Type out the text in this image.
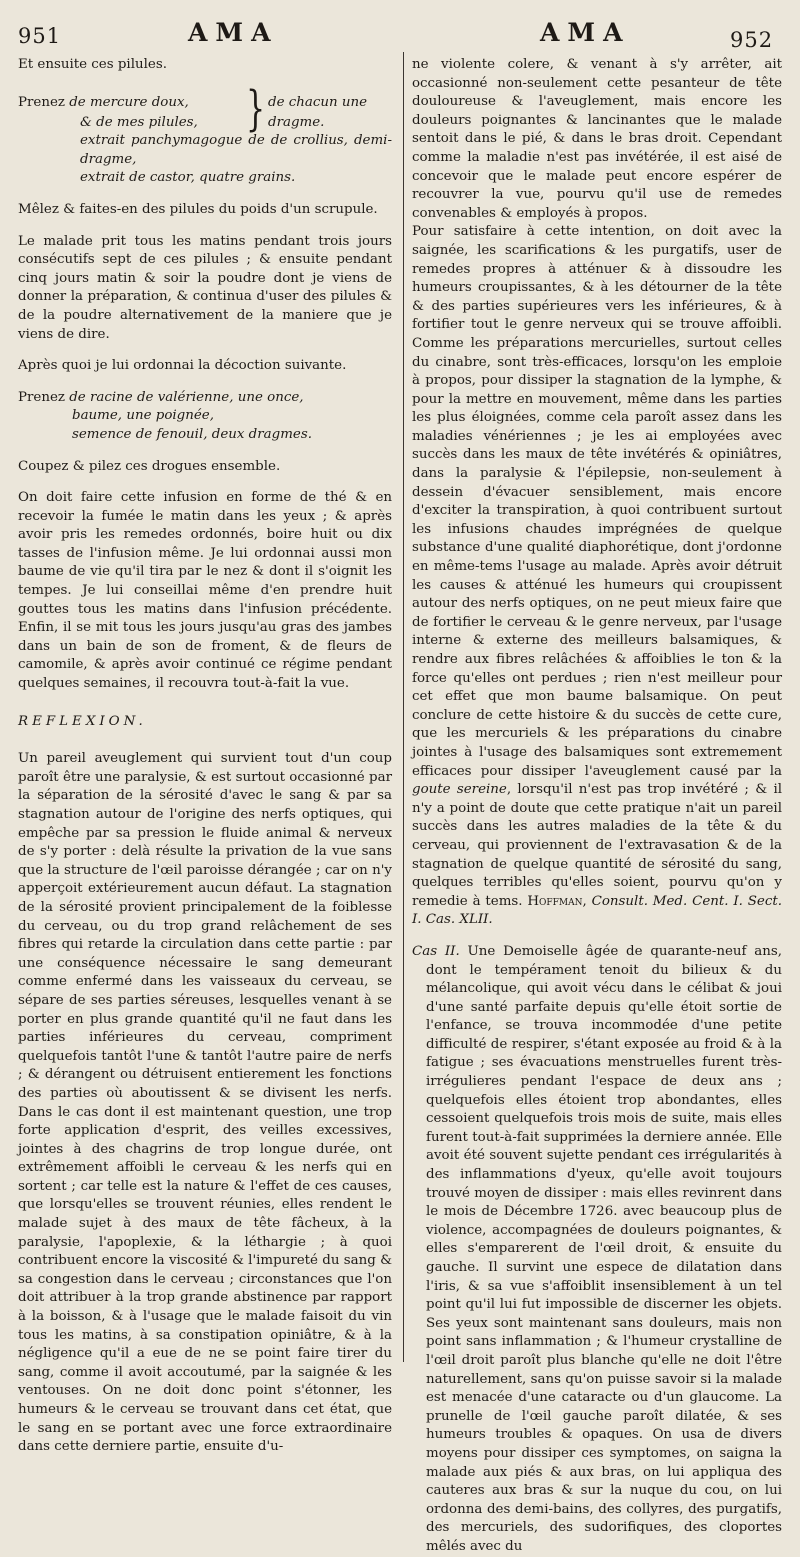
951	AMA	AMA	952

Et ensuite ces pilules.

Prenez de mercure doux,	} de chacun une
& de mes pilules,	dragme.

extrait panchymagogue de de crollius, demi-dragme,

extrait de castor, quatre grains.

Mêlez & faites-en des pilules du poids d'un scrupule.

Le malade prit tous les matins pendant trois jours consécutifs sept de ces pilules ; & ensuite pendant cinq jours matin & soir la poudre dont je viens de donner la préparation, & continua d'user des pilules & de la poudre alternativement de la maniere que je viens de dire.

Après quoi je lui ordonnai la décoction suivante.

Prenez de racine de valérienne, une once,

baume, une poignée,

semence de fenouil, deux dragmes.

Coupez & pilez ces drogues ensemble.

On doit faire cette infusion en forme de thé & en recevoir la fumée le matin dans les yeux ; & après avoir pris les remedes ordonnés, boire huit ou dix tasses de l'infusion même. Je lui ordonnai aussi mon baume de vie qu'il tira par le nez & dont il s'oignit les tempes. Je lui conseillai même d'en prendre huit gouttes tous les matins dans l'infusion précédente. Enfin, il se mit tous les jours jusqu'au gras des jambes dans un bain de son de froment, & de fleurs de camomile, & après avoir continué ce régime pendant quelques semaines, il recouvra tout-à-fait la vue.

REFLEXION.

Un pareil aveuglement qui survient tout d'un coup paroît être une paralysie, & est surtout occasionné par la séparation de la sérosité d'avec le sang & par sa stagnation autour de l'origine des nerfs optiques, qui empêche par sa pression le fluide animal & nerveux de s'y porter : delà résulte la privation de la vue sans que la structure de l'œil paroisse dérangée ; car on n'y apperçoit extérieurement aucun défaut. La stagnation de la sérosité provient principalement de la foiblesse du cerveau, ou du trop grand relâchement de ses fibres qui retarde la circulation dans cette partie : par une conséquence nécessaire le sang demeurant comme enfermé dans les vaisseaux du cerveau, se sépare de ses parties séreuses, lesquelles venant à se porter en plus grande quantité qu'il ne faut dans les parties inférieures du cerveau, compriment quelquefois tantôt l'une & tantôt l'autre paire de nerfs ; & dérangent ou détruisent entierement les fonctions des parties où aboutissent & se divisent les nerfs. Dans le cas dont il est maintenant question, une trop forte application d'esprit, des veilles excessives, jointes à des chagrins de trop longue durée, ont extrêmement affoibli le cerveau & les nerfs qui en sortent ; car telle est la nature & l'effet de ces causes, que lorsqu'elles se trouvent réunies, elles rendent le malade sujet à des maux de tête fâcheux, à la paralysie, l'apoplexie, & la léthargie ; à quoi contribuent encore la viscosité & l'impureté du sang & sa congestion dans le cerveau ; circonstances que l'on doit attribuer à la trop grande abstinence par rapport à la boisson, & à l'usage que le malade faisoit du vin tous les matins, à sa constipation opiniâtre, & à la négligence qu'il a eue de ne se point faire tirer du sang, comme il avoit accoutumé, par la saignée & les ventouses. On ne doit donc point s'étonner, les humeurs & le cerveau se trouvant dans cet état, que le sang en se portant avec une force extraordinaire dans cette derniere partie, ensuite d'u-

ne violente colere, & venant à s'y arrêter, ait occasionné non-seulement cette pesanteur de tête douloureuse & l'aveuglement, mais encore les douleurs poignantes & lancinantes que le malade sentoit dans le pié, & dans le bras droit. Cependant comme la maladie n'est pas invétérée, il est aisé de concevoir que le malade peut encore espérer de recouvrer la vue, pourvu qu'il use de remedes convenables & employés à propos.

Pour satisfaire à cette intention, on doit avec la saignée, les scarifications & les purgatifs, user de remedes propres à atténuer & à dissoudre les humeurs croupissantes, & à les détourner de la tête & des parties supérieures vers les inférieures, & à fortifier tout le genre nerveux qui se trouve affoibli. Comme les préparations mercurielles, surtout celles du cinabre, sont très-efficaces, lorsqu'on les emploie à propos, pour dissiper la stagnation de la lymphe, & pour la mettre en mouvement, même dans les parties les plus éloignées, comme cela paroît assez dans les maladies vénériennes ; je les ai employées avec succès dans les maux de tête invétérés & opiniâtres, dans la paralysie & l'épilepsie, non-seulement à dessein d'évacuer sensiblement, mais encore d'exciter la transpiration, à quoi contribuent surtout les infusions chaudes imprégnées de quelque substance d'une qualité diaphorétique, dont j'ordonne en même-tems l'usage au malade. Après avoir détruit les causes & atténué les humeurs qui croupissent autour des nerfs optiques, on ne peut mieux faire que de fortifier le cerveau & le genre nerveux, par l'usage interne & externe des meilleurs balsamiques, & rendre aux fibres relâchées & affoiblies le ton & la force qu'elles ont perdues ; rien n'est meilleur pour cet effet que mon baume balsamique. On peut conclure de cette histoire & du succès de cette cure, que les mercuriels & les préparations du cinabre jointes à l'usage des balsamiques sont extremement efficaces pour dissiper l'aveuglement causé par la goute sereine, lorsqu'il n'est pas trop invétéré ; & il n'y a point de doute que cette pratique n'ait un pareil succès dans les autres maladies de la tête & du cerveau, qui proviennent de l'extravasation & de la stagnation de quelque quantité de sérosité du sang, quelques terribles qu'elles soient, pourvu qu'on y remedie à tems. Hoffman, Consult. Med. Cent. I. Sect. I. Cas. XLII.

Cas II. Une Demoiselle âgée de quarante-neuf ans, dont le tempérament tenoit du bilieux & du mélancolique, qui avoit vécu dans le célibat & joui d'une santé parfaite depuis qu'elle étoit sortie de l'enfance, se trouva incommodée d'une petite difficulté de respirer, s'étant exposée au froid & à la fatigue ; ses évacuations menstruelles furent très-irrégulieres pendant l'espace de deux ans ; quelquefois elles étoient trop abondantes, elles cessoient quelquefois trois mois de suite, mais elles furent tout-à-fait supprimées la derniere année. Elle avoit été souvent sujette pendant ces irrégularités à des inflammations d'yeux, qu'elle avoit toujours trouvé moyen de dissiper : mais elles revinrent dans le mois de Décembre 1726. avec beaucoup plus de violence, accompagnées de douleurs poignantes, & elles s'emparerent de l'œil droit, & ensuite du gauche. Il survint une espece de dilatation dans l'iris, & sa vue s'affoiblit insensiblement à un tel point qu'il lui fut impossible de discerner les objets. Ses yeux sont maintenant sans douleurs, mais non point sans inflammation ; & l'humeur crystalline de l'œil droit paroît plus blanche qu'elle ne doit l'être naturellement, sans qu'on puisse savoir si la malade est menacée d'une cataracte ou d'un glaucome. La prunelle de l'œil gauche paroît dilatée, & ses humeurs troubles & opaques. On usa de divers moyens pour dissiper ces symptomes, on saigna la malade aux piés & aux bras, on lui appliqua des cauteres aux bras & sur la nuque du cou, on lui ordonna des demi-bains, des collyres, des purgatifs, des mercuriels, des sudorifiques, des cloportes mêlés avec du
